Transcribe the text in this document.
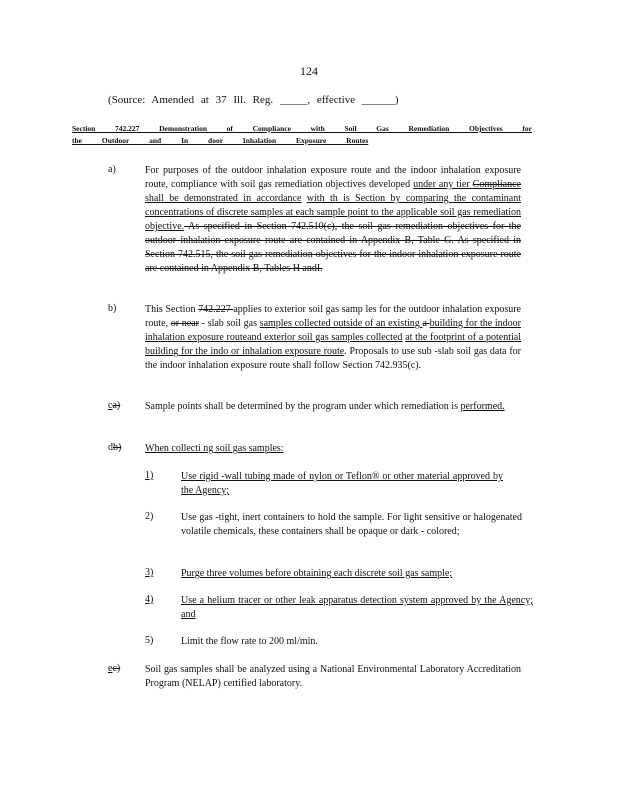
124
(Source: Amended at 37 Ill. Reg. _____, effective ______)
Section 742.227 Demonstration of Compliance with Soil Gas Remediation Objectives for
the Outdoor and In door Inhalation Exposure Routes
a)	For purposes of the outdoor inhalation exposure route and the indoor inhalation exposure route, compliance with soil gas remediation objectives developed under any tier Compliance shall be demonstrated in accordance with th is Section by comparing the contaminant concentrations of discrete samples at each sample point to the applicable soil gas remediation objective. As specified in Section 742.510(c), the soil gas remediation objectives for the outdoor inhalation exposure route are contained in Appendix B, Table G. As specified in Section 742.515, the soil gas remediation objectives for the indoor inhalation exposure route are contained in Appendix B, Tables H andI.
b)	This Section 742.227 applies to exterior soil gas samp les for the outdoor inhalation exposure route, or near - slab soil gas samples collected outside of an existing a building for the indoor inhalation exposure routeand exterior soil gas samples collected at the footprint of a potential building for the indo or inhalation exposure route. Proposals to use sub -slab soil gas data for the indoor inhalation exposure route shall follow Section 742.935(c).
ca) Sample points shall be determined by the program under which remediation is performed.
db) When collecti ng soil gas samples:
1)	Use rigid -wall tubing made of nylon or Teflon® or other material approved by the Agency;
2)	Use gas -tight, inert containers to hold the sample. For light sensitive or halogenated volatile chemicals, these containers shall be opaque or dark - colored;
3)	Purge three volumes before obtaining each discrete soil gas sample;
4)	Use a helium tracer or other leak apparatus detection system approved by the Agency; and
5)	Limit the flow rate to 200 ml/min.
ec) Soil gas samples shall be analyzed using a National Environmental Laboratory Accreditation Program (NELAP) certified laboratory.
